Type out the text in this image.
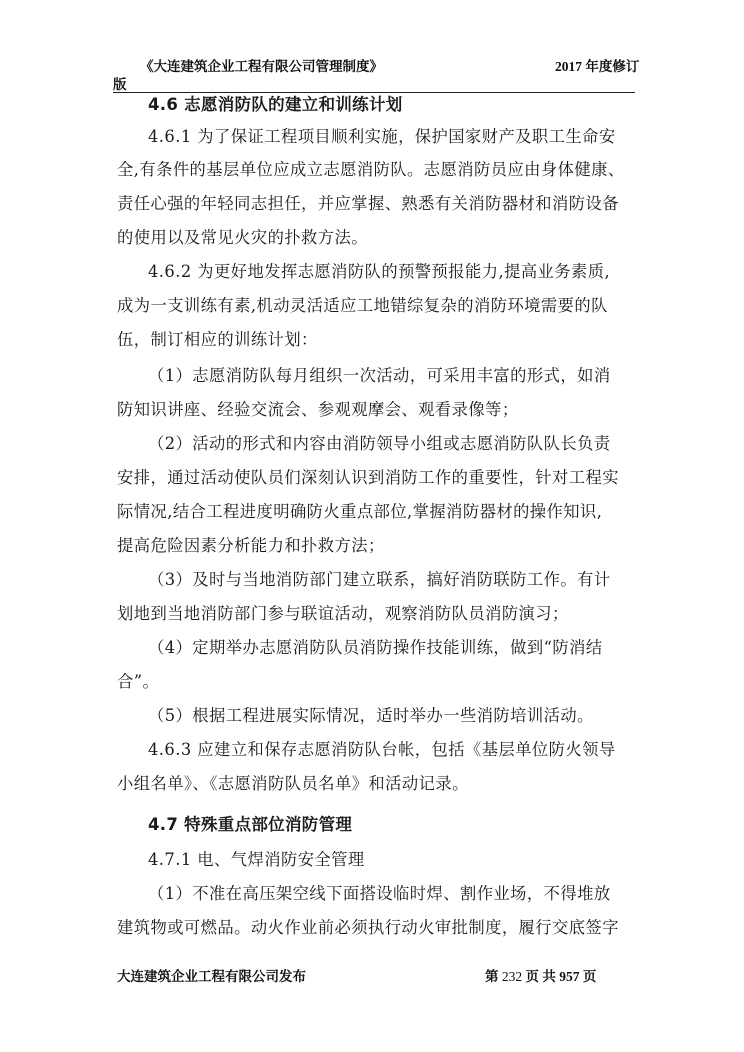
《大连建筑企业工程有限公司管理制度》	2017 年度修订
版
4.6 志愿消防队的建立和训练计划
4.6.1 为了保证工程项目顺利实施，保护国家财产及职工生命安
全,有条件的基层单位应成立志愿消防队。志愿消防员应由身体健康、
责任心强的年轻同志担任，并应掌握、熟悉有关消防器材和消防设备
的使用以及常见火灾的扑救方法。
4.6.2 为更好地发挥志愿消防队的预警预报能力,提高业务素质,
成为一支训练有素,机动灵活适应工地错综复杂的消防环境需要的队
伍，制订相应的训练计划：
（1）志愿消防队每月组织一次活动，可采用丰富的形式，如消
防知识讲座、经验交流会、参观观摩会、观看录像等；
（2）活动的形式和内容由消防领导小组或志愿消防队队长负责
安排，通过活动使队员们深刻认识到消防工作的重要性，针对工程实
际情况,结合工程进度明确防火重点部位,掌握消防器材的操作知识,
提高危险因素分析能力和扑救方法；
（3）及时与当地消防部门建立联系，搞好消防联防工作。有计
划地到当地消防部门参与联谊活动，观察消防队员消防演习；
（4）定期举办志愿消防队员消防操作技能训练，做到“防消结
合”。
（5）根据工程进展实际情况，适时举办一些消防培训活动。
4.6.3 应建立和保存志愿消防队台帐，包括《基层单位防火领导
小组名单》、《志愿消防队员名单》和活动记录。
4.7 特殊重点部位消防管理
4.7.1 电、气焊消防安全管理
（1）不准在高压架空线下面搭设临时焊、割作业场，不得堆放
建筑物或可燃品。动火作业前必须执行动火审批制度，履行交底签字
大连建筑企业工程有限公司发布	第 232 页 共 957 页
